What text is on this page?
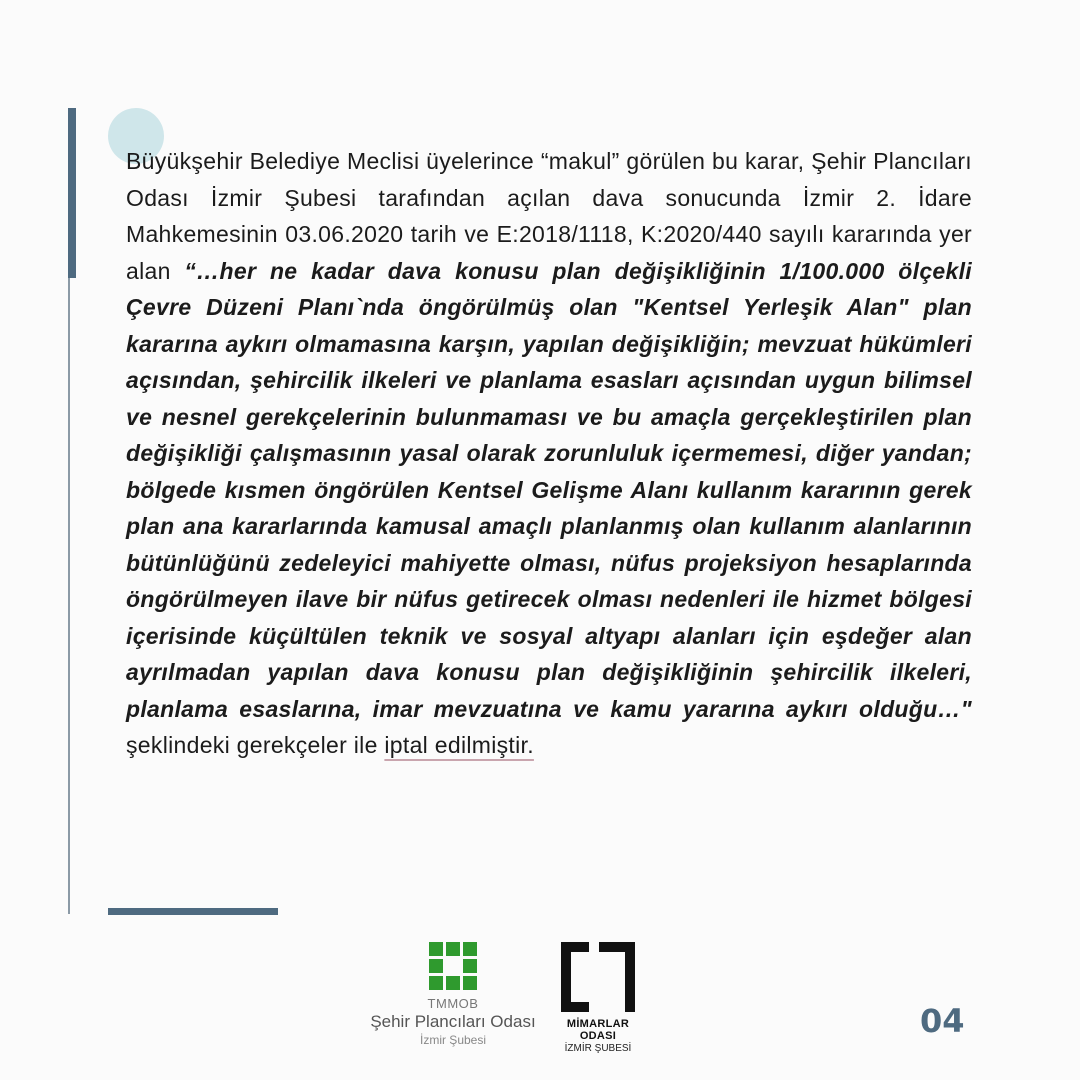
Büyükşehir Belediye Meclisi üyelerince “makul” görülen bu karar, Şehir Plancıları Odası İzmir Şubesi tarafından açılan dava sonucunda İzmir 2. İdare Mahkemesinin 03.06.2020 tarih ve E:2018/1118, K:2020/440 sayılı kararında yer alan “…her ne kadar dava konusu plan değişikliğinin 1/100.000 ölçekli Çevre Düzeni Planı`nda öngörülmüş olan "Kentsel Yerleşik Alan" plan kararına aykırı olmamasına karşın, yapılan değişikliğin; mevzuat hükümleri açısından, şehircilik ilkeleri ve planlama esasları açısından uygun bilimsel ve nesnel gerekçelerinin bulunmaması ve bu amaçla gerçekleştirilen plan değişikliği çalışmasının yasal olarak zorunluluk içermemesi, diğer yandan; bölgede kısmen öngörülen Kentsel Gelişme Alanı kullanım kararının gerek plan ana kararlarında kamusal amaçlı planlanmış olan kullanım alanlarının bütünlüğünü zedeleyici mahiyette olması, nüfus projeksiyon hesaplarında öngörülmeyen ilave bir nüfus getirecek olması nedenleri ile hizmet bölgesi içerisinde küçültülen teknik ve sosyal altyapı alanları için eşdeğer alan ayrılmadan yapılan dava konusu plan değişikliğinin şehircilik ilkeleri, planlama esaslarına, imar mevzuatına ve kamu yararına aykırı olduğu…" şeklindeki gerekçeler ile iptal edilmiştir.

TMMOB
Şehir Plancıları Odası
İzmir Şubesi
MİMARLAR ODASI
İZMİR ŞUBESİ
04
